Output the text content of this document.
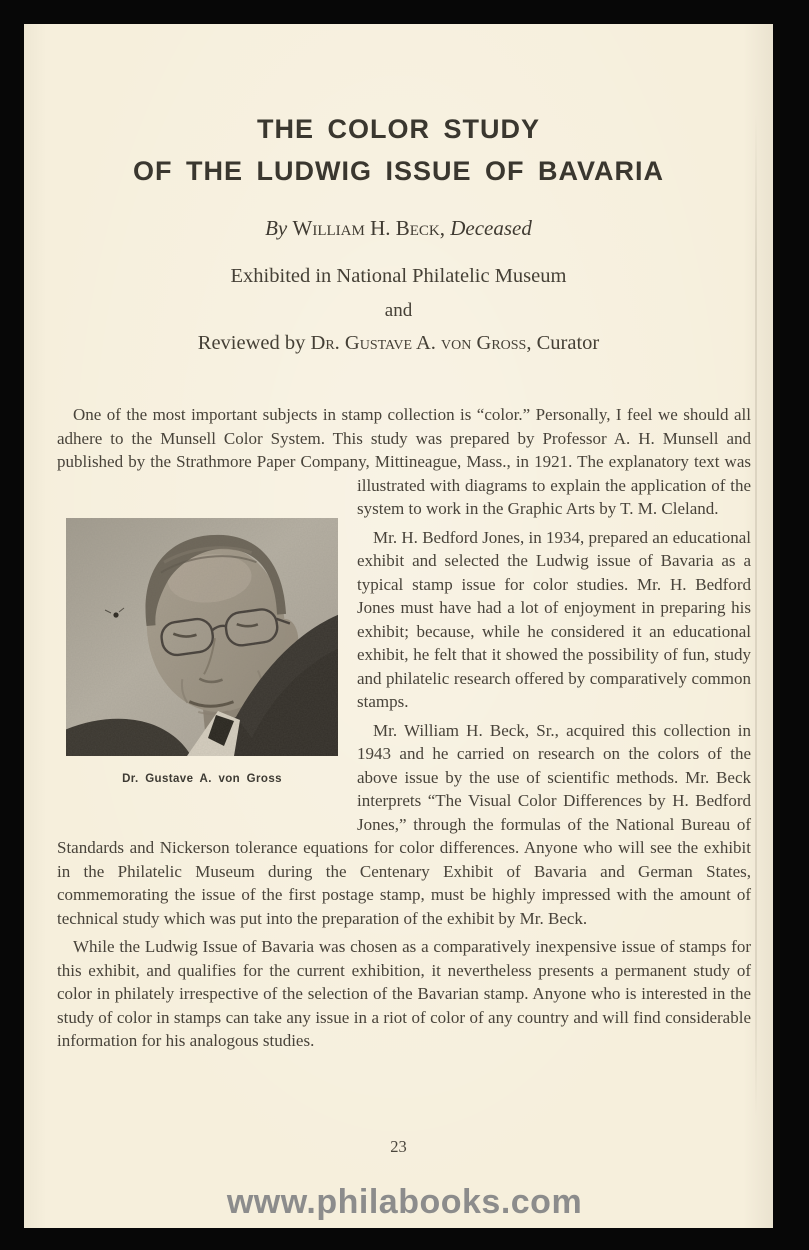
THE COLOR STUDY
OF THE LUDWIG ISSUE OF BAVARIA
By William H. Beck, Deceased
Exhibited in National Philatelic Museum
and
Reviewed by Dr. Gustave A. von Gross, Curator

One of the most important subjects in stamp collection is “color.” Personally, I feel we should all adhere to the Munsell Color System. This study was prepared by Professor A. H. Munsell and published by the Strathmore Paper Company, Mittineague, Mass.,
Dr. Gustave A. von Gross
in 1921. The explanatory text was illustrated with diagrams to explain the application of the system to work in the Graphic Arts by T. M. Cleland.

Mr. H. Bedford Jones, in 1934, prepared an educational exhibit and selected the Ludwig issue of Bavaria as a typical stamp issue for color studies. Mr. H. Bedford Jones must have had a lot of enjoyment in preparing his exhibit; because, while he considered it an educational exhibit, he felt that it showed the possibility of fun, study and philatelic research offered by comparatively common stamps.

Mr. William H. Beck, Sr., acquired this collection in 1943 and he carried on research on the colors of the above issue by the use of scientific methods. Mr. Beck interprets “The Visual Color Differences by H. Bedford Jones,” through the formulas of the National Bureau of Standards and Nickerson tolerance equations for color differences. Anyone who will see the exhibit in the Philatelic Museum during the Centenary Exhibit of Bavaria and German States, commemorating the issue of the first postage stamp, must be highly impressed with the amount of technical study which was put into the preparation of the exhibit by Mr. Beck.

While the Ludwig Issue of Bavaria was chosen as a comparatively inexpensive issue of stamps for this exhibit, and qualifies for the current exhibition, it nevertheless presents a permanent study of color in philately irrespective of the selection of the Bavarian stamp. Anyone who is interested in the study of color in stamps can take any issue in a riot of color of any country and will find considerable information for his analogous studies.

23
www.philabooks.com
